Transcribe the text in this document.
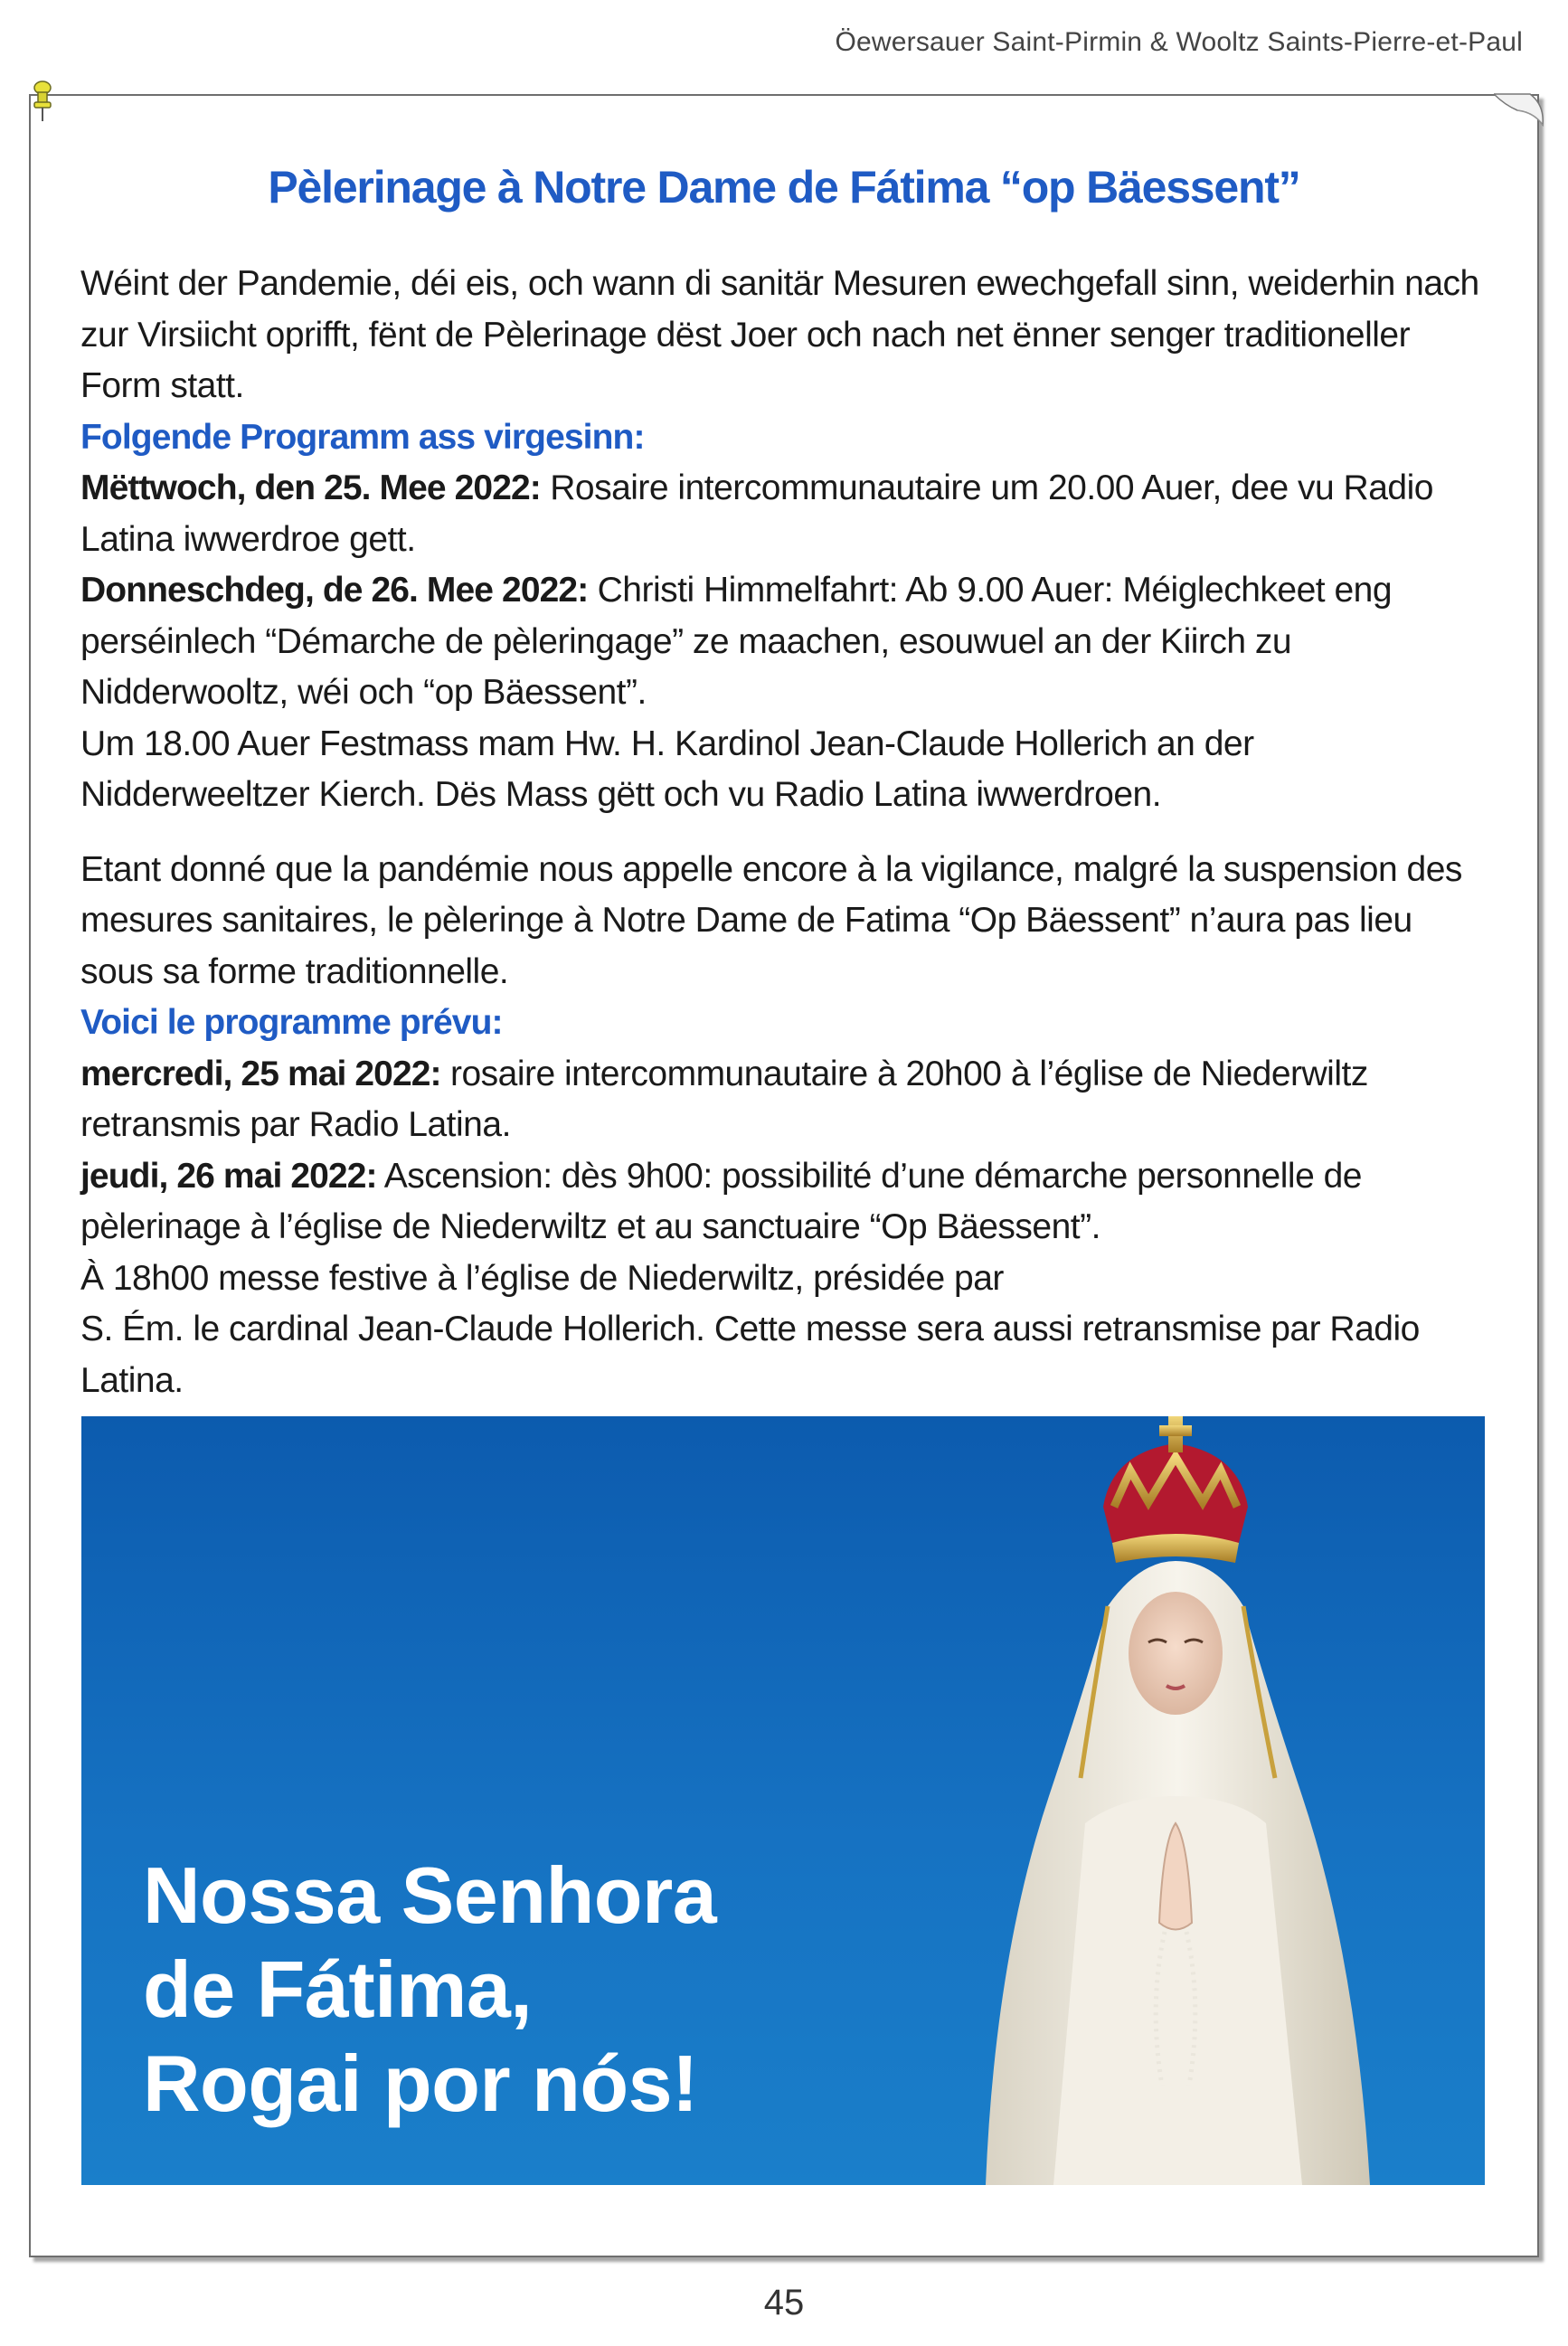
Öewersauer Saint-Pirmin & Wooltz Saints-Pierre-et-Paul
Pèlerinage à Notre Dame de Fátima “op Bäessent”

Wéint der Pandemie, déi eis, och wann di sanitär Mesuren ewechgefall sinn, weiderhin nach zur Virsiicht oprifft, fënt de Pèlerinage dëst Joer och nach net ënner senger traditioneller Form statt.

Folgende Programm ass virgesinn:

Mëttwoch, den 25. Mee 2022: Rosaire intercommunautaire um 20.00 Auer, dee vu Radio Latina iwwerdroe gett.

Donneschdeg, de 26. Mee 2022: Christi Himmelfahrt: Ab 9.00 Auer: Méiglechkeet eng perséinlech “Démarche de pèleringage” ze maachen, esouwuel an der Kiirch zu Nidderwooltz, wéi och “op Bäessent”.

Um 18.00 Auer Festmass mam Hw. H. Kardinol Jean-Claude Hollerich an der Nidderweeltzer Kierch. Dës Mass gëtt och vu Radio Latina iwwerdroen.

Etant donné que la pandémie nous appelle encore à la vigilance, malgré la suspension des mesures sanitaires, le pèleringe à Notre Dame de Fatima “Op Bäessent” n’aura pas lieu sous sa forme traditionnelle.

Voici le programme prévu:

mercredi, 25 mai 2022: rosaire intercommunautaire à 20h00 à l’église de Niederwiltz retransmis par Radio Latina.

jeudi, 26 mai 2022: Ascension: dès 9h00: possibilité d’une démarche personnelle de pèlerinage à l’église de Niederwiltz et au sanctuaire “Op Bäessent”.

À 18h00 messe festive à l’église de Niederwiltz, présidée par

S. Ém. le cardinal Jean-Claude Hollerich. Cette messe sera aussi retransmise par Radio Latina.

Nossa Senhora
de Fátima,
Rogai por nós!
45
